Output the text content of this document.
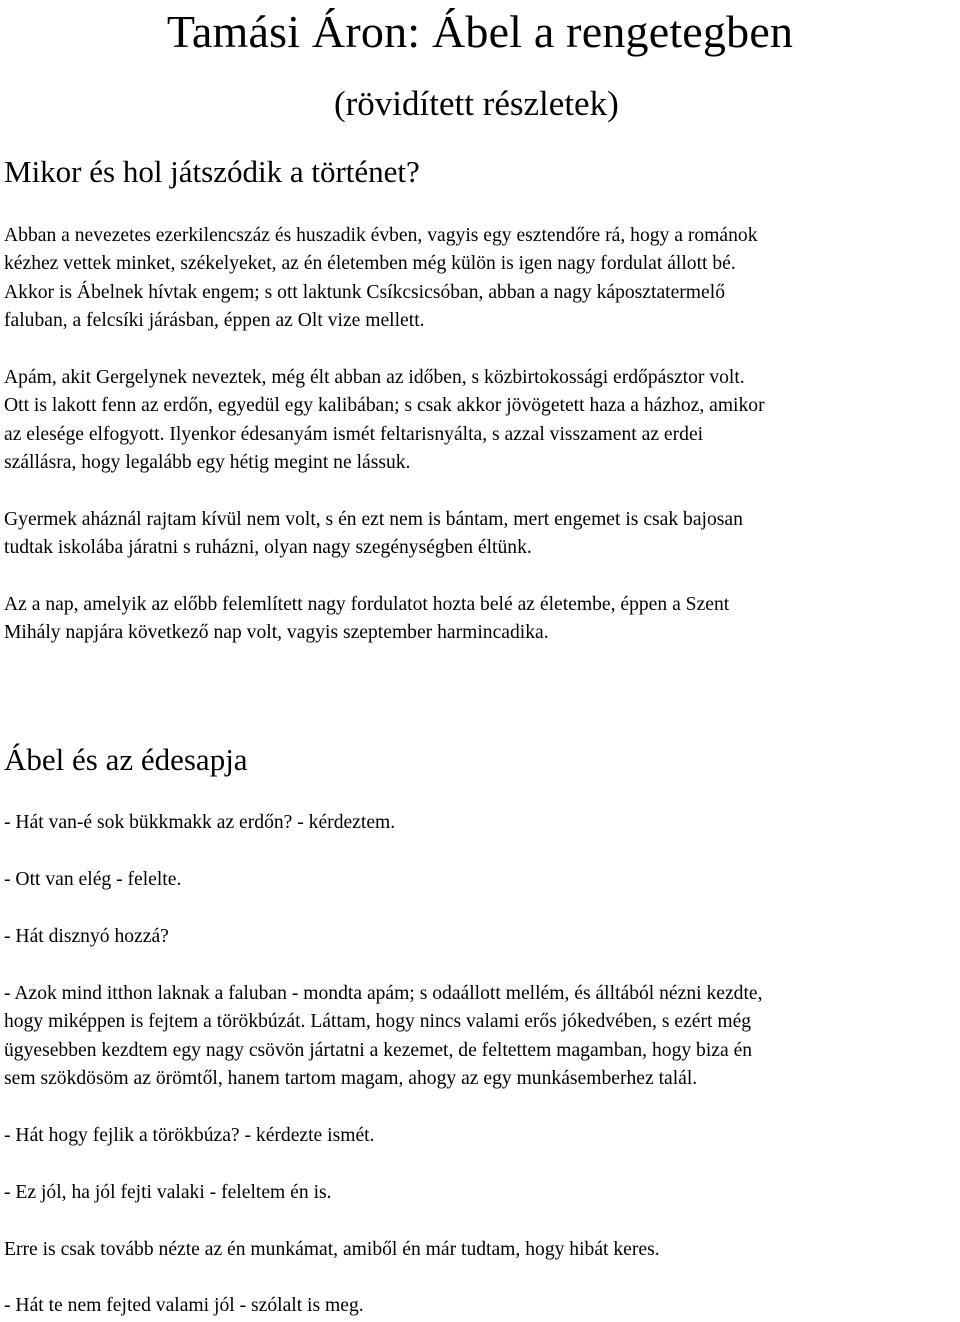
Tamási Áron: Ábel a rengetegben
(rövidített részletek)
Mikor és hol játszódik a történet?

Abban a nevezetes ezerkilencszáz és huszadik évben, vagyis egy esztendőre rá, hogy a románok
kézhez vettek minket, székelyeket, az én életemben még külön is igen nagy fordulat állott bé.
Akkor is Ábelnek hívtak engem; s ott laktunk Csíkcsicsóban, abban a nagy káposztatermelő
faluban, a felcsíki járásban, éppen az Olt vize mellett.

Apám, akit Gergelynek neveztek, még élt abban az időben, s közbirtokossági erdőpásztor volt.
Ott is lakott fenn az erdőn, egyedül egy kalibában; s csak akkor jövögetett haza a házhoz, amikor
az elesége elfogyott. Ilyenkor édesanyám ismét feltarisnyálta, s azzal visszament az erdei
szállásra, hogy legalább egy hétig megint ne lássuk.

Gyermek aháznál rajtam kívül nem volt, s én ezt nem is bántam, mert engemet is csak bajosan
tudtak iskolába járatni s ruházni, olyan nagy szegénységben éltünk.

Az a nap, amelyik az előbb felemlített nagy fordulatot hozta belé az életembe, éppen a Szent
Mihály napjára következő nap volt, vagyis szeptember harmincadika.

Ábel és az édesapja

- Hát van-é sok bükkmakk az erdőn? - kérdeztem.

- Ott van elég - felelte.

- Hát disznyó hozzá?

- Azok mind itthon laknak a faluban - mondta apám; s odaállott mellém, és álltából nézni kezdte,
hogy miképpen is fejtem a törökbúzát. Láttam, hogy nincs valami erős jókedvében, s ezért még
ügyesebben kezdtem egy nagy csövön jártatni a kezemet, de feltettem magamban, hogy biza én
sem szökdösöm az örömtől, hanem tartom magam, ahogy az egy munkásemberhez talál.

- Hát hogy fejlik a törökbúza? - kérdezte ismét.

- Ez jól, ha jól fejti valaki - feleltem én is.

Erre is csak tovább nézte az én munkámat, amiből én már tudtam, hogy hibát keres.

- Hát te nem fejted valami jól - szólalt is meg.
